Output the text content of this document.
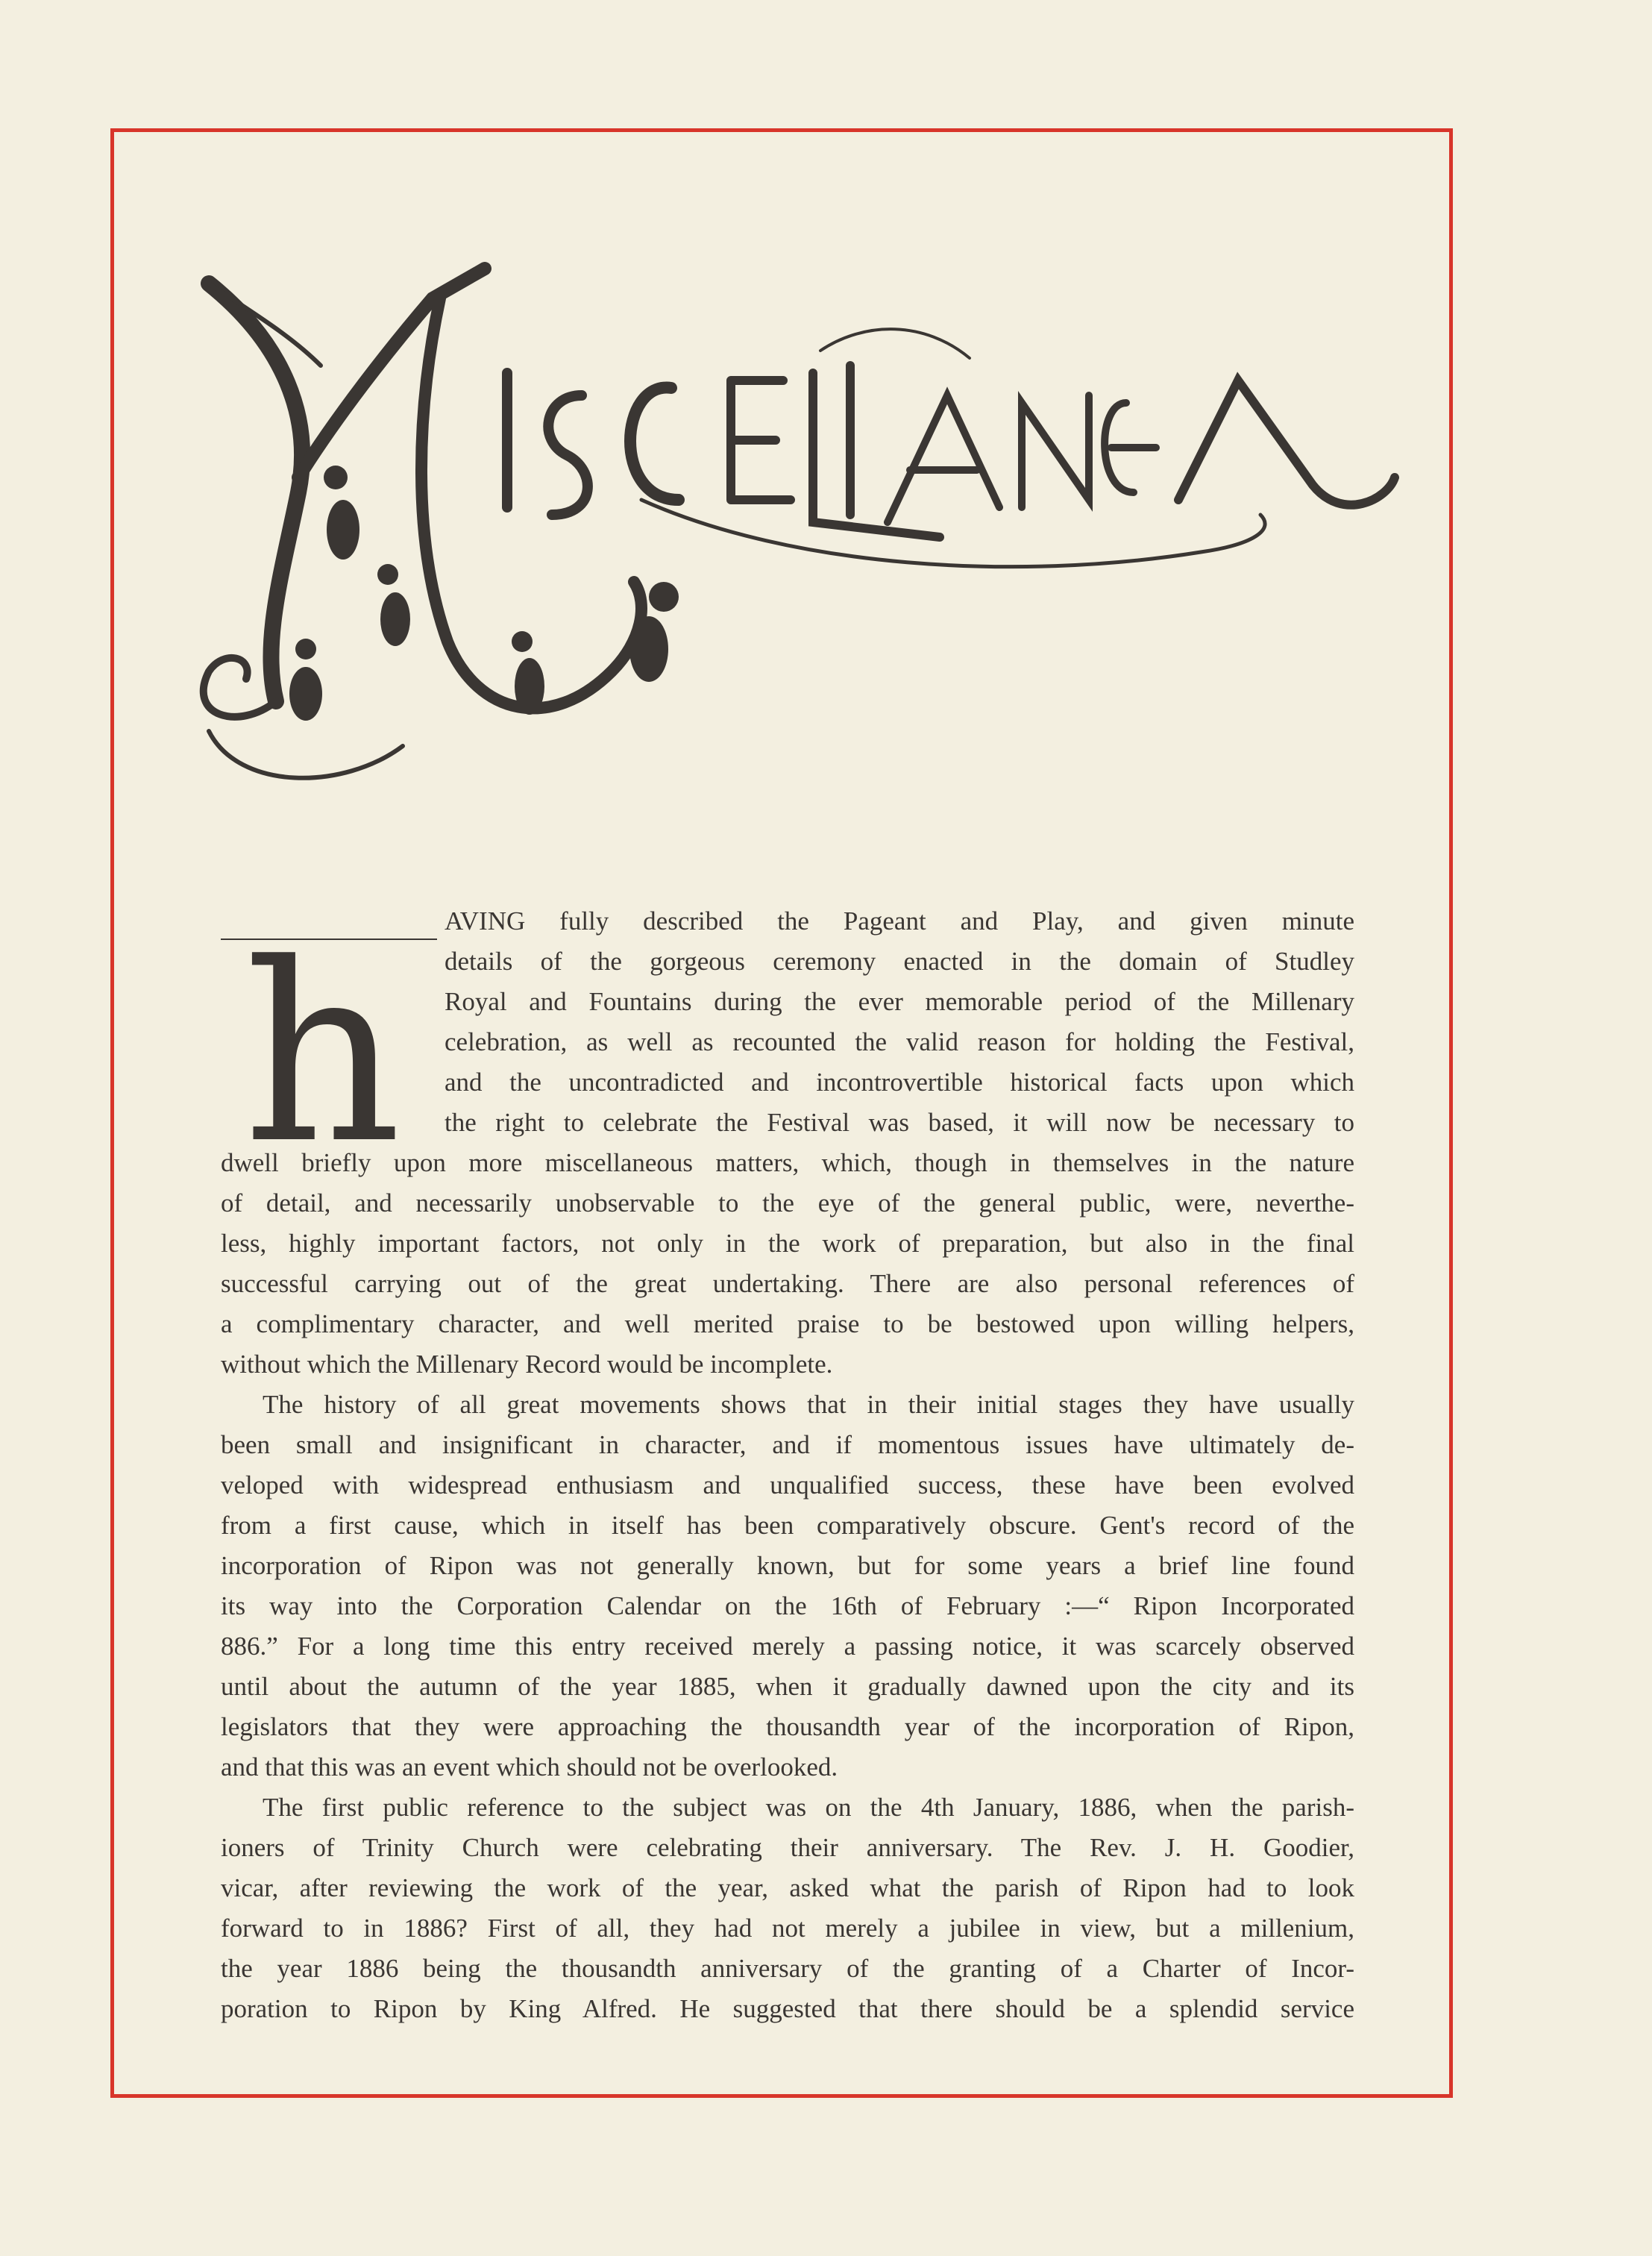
h AVING fully described the Pageant and Play, and given minute
details of the gorgeous ceremony enacted in the domain of Studley
Royal and Fountains during the ever memorable period of the Millenary
celebration, as well as recounted the valid reason for holding the Festival,
and the uncontradicted and incontrovertible historical facts upon which
the right to celebrate the Festival was based, it will now be necessary to
dwell briefly upon more miscellaneous matters, which, though in themselves in the nature
of detail, and necessarily unobservable to the eye of the general public, were, neverthe-
less, highly important factors, not only in the work of preparation, but also in the final
successful carrying out of the great undertaking. There are also personal references of
a complimentary character, and well merited praise to be bestowed upon willing helpers,
without which the Millenary Record would be incomplete.
The history of all great movements shows that in their initial stages they have usually
been small and insignificant in character, and if momentous issues have ultimately de-
veloped with widespread enthusiasm and unqualified success, these have been evolved
from a first cause, which in itself has been comparatively obscure. Gent's record of the
incorporation of Ripon was not generally known, but for some years a brief line found
its way into the Corporation Calendar on the 16th of February :—“ Ripon Incorporated
886.” For a long time this entry received merely a passing notice, it was scarcely observed
until about the autumn of the year 1885, when it gradually dawned upon the city and its
legislators that they were approaching the thousandth year of the incorporation of Ripon,
and that this was an event which should not be overlooked.
The first public reference to the subject was on the 4th January, 1886, when the parish-
ioners of Trinity Church were celebrating their anniversary. The Rev. J. H. Goodier,
vicar, after reviewing the work of the year, asked what the parish of Ripon had to look
forward to in 1886? First of all, they had not merely a jubilee in view, but a millenium,
the year 1886 being the thousandth anniversary of the granting of a Charter of Incor-
poration to Ripon by King Alfred. He suggested that there should be a splendid service
